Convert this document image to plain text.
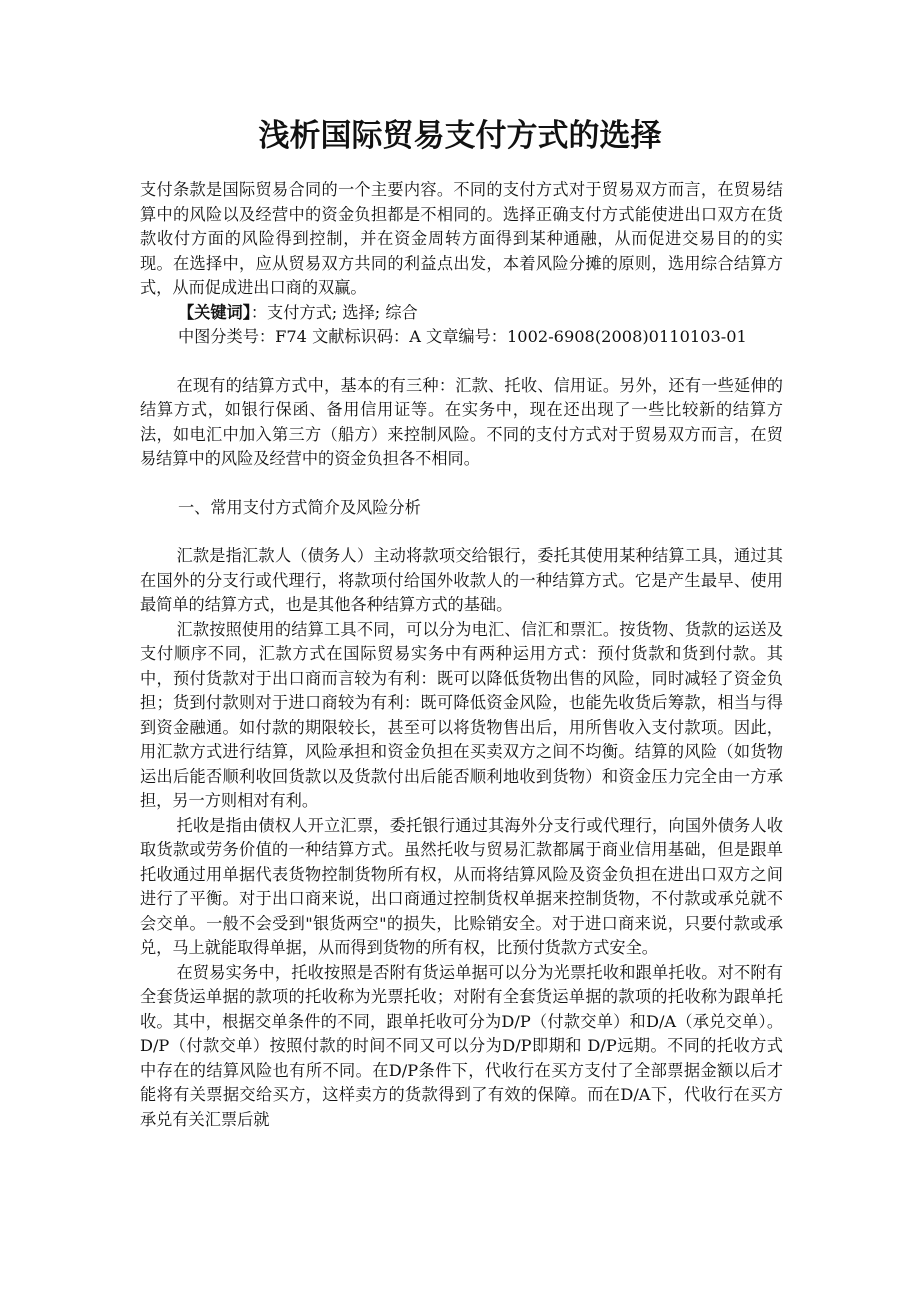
浅析国际贸易支付方式的选择

支付条款是国际贸易合同的一个主要内容。不同的支付方式对于贸易双方而言，在贸易结算中的风险以及经营中的资金负担都是不相同的。选择正确支付方式能使进出口双方在货款收付方面的风险得到控制，并在资金周转方面得到某种通融，从而促进交易目的的实现。在选择中，应从贸易双方共同的利益点出发，本着风险分摊的原则，选用综合结算方式，从而促成进出口商的双赢。

【关键词】：支付方式; 选择; 综合

中图分类号：F74 文献标识码：A 文章编号：1002-6908(2008)0110103-01

在现有的结算方式中，基本的有三种：汇款、托收、信用证。另外，还有一些延伸的结算方式，如银行保函、备用信用证等。在实务中，现在还出现了一些比较新的结算方法，如电汇中加入第三方（船方）来控制风险。不同的支付方式对于贸易双方而言，在贸易结算中的风险及经营中的资金负担各不相同。

一、常用支付方式简介及风险分析

汇款是指汇款人（债务人）主动将款项交给银行，委托其使用某种结算工具，通过其在国外的分支行或代理行，将款项付给国外收款人的一种结算方式。它是产生最早、使用最简单的结算方式，也是其他各种结算方式的基础。

汇款按照使用的结算工具不同，可以分为电汇、信汇和票汇。按货物、货款的运送及支付顺序不同，汇款方式在国际贸易实务中有两种运用方式：预付货款和货到付款。其中，预付货款对于出口商而言较为有利：既可以降低货物出售的风险，同时减轻了资金负担；货到付款则对于进口商较为有利：既可降低资金风险，也能先收货后筹款，相当与得到资金融通。如付款的期限较长，甚至可以将货物售出后，用所售收入支付款项。因此，用汇款方式进行结算，风险承担和资金负担在买卖双方之间不均衡。结算的风险（如货物运出后能否顺利收回货款以及货款付出后能否顺利地收到货物）和资金压力完全由一方承担，另一方则相对有利。

托收是指由债权人开立汇票，委托银行通过其海外分支行或代理行，向国外债务人收取货款或劳务价值的一种结算方式。虽然托收与贸易汇款都属于商业信用基础，但是跟单托收通过用单据代表货物控制货物所有权，从而将结算风险及资金负担在进出口双方之间进行了平衡。对于出口商来说，出口商通过控制货权单据来控制货物，不付款或承兑就不会交单。一般不会受到"银货两空"的损失，比赊销安全。对于进口商来说，只要付款或承兑，马上就能取得单据，从而得到货物的所有权，比预付货款方式安全。

在贸易实务中，托收按照是否附有货运单据可以分为光票托收和跟单托收。对不附有全套货运单据的款项的托收称为光票托收；对附有全套货运单据的款项的托收称为跟单托收。其中，根据交单条件的不同，跟单托收可分为D/P（付款交单）和D/A（承兑交单）。D/P（付款交单）按照付款的时间不同又可以分为D/P即期和 D/P远期。不同的托收方式中存在的结算风险也有所不同。在D/P条件下，代收行在买方支付了全部票据金额以后才能将有关票据交给买方，这样卖方的货款得到了有效的保障。而在D/A下，代收行在买方承兑有关汇票后就
